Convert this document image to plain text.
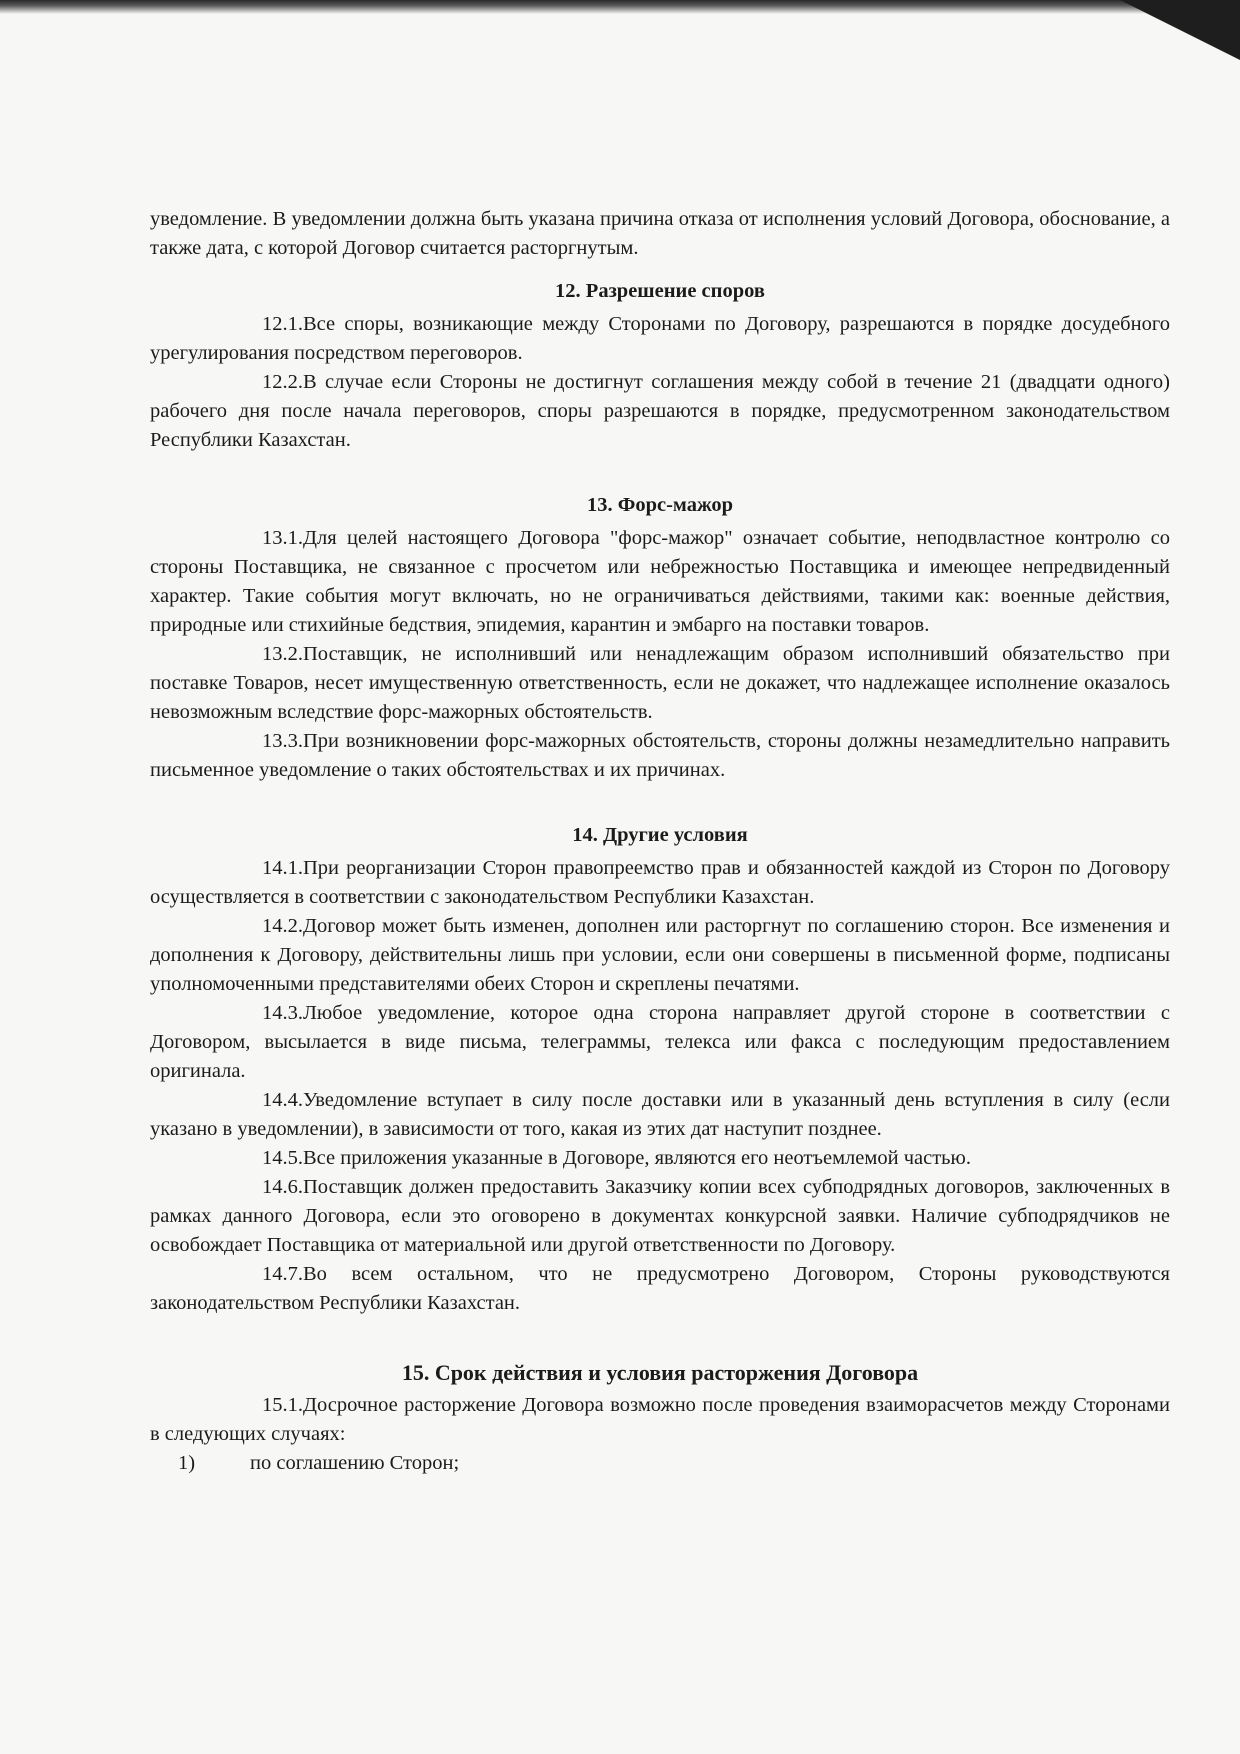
уведомление. В уведомлении должна быть указана причина отказа от исполнения условий Договора, обоснование, а также дата, с которой Договор считается расторгнутым.

12. Разрешение споров

12.1.Все споры, возникающие между Сторонами по Договору, разрешаются в порядке досудебного урегулирования посредством переговоров.

12.2.В случае если Стороны не достигнут соглашения между собой в течение 21 (двадцати одного) рабочего дня после начала переговоров, споры разрешаются в порядке, предусмотренном законодательством Республики Казахстан.

13. Форс-мажор

13.1.Для целей настоящего Договора "форс-мажор" означает событие, неподвластное контролю со стороны Поставщика, не связанное с просчетом или небрежностью Поставщика и имеющее непредвиденный характер. Такие события могут включать, но не ограничиваться действиями, такими как: военные действия, природные или стихийные бедствия, эпидемия, карантин и эмбарго на поставки товаров.

13.2.Поставщик, не исполнивший или ненадлежащим образом исполнивший обязательство при поставке Товаров, несет имущественную ответственность, если не докажет, что надлежащее исполнение оказалось невозможным вследствие форс-мажорных обстоятельств.

13.3.При возникновении форс-мажорных обстоятельств, стороны должны незамедлительно направить письменное уведомление о таких обстоятельствах и их причинах.

14. Другие условия

14.1.При реорганизации Сторон правопреемство прав и обязанностей каждой из Сторон по Договору осуществляется в соответствии с законодательством Республики Казахстан.

14.2.Договор может быть изменен, дополнен или расторгнут по соглашению сторон. Все изменения и дополнения к Договору, действительны лишь при условии, если они совершены в письменной форме, подписаны уполномоченными представителями обеих Сторон и скреплены печатями.

14.3.Любое уведомление, которое одна сторона направляет другой стороне в соответствии с Договором, высылается в виде письма, телеграммы, телекса или факса с последующим предоставлением оригинала.

14.4.Уведомление вступает в силу после доставки или в указанный день вступления в силу (если указано в уведомлении), в зависимости от того, какая из этих дат наступит позднее.

14.5.Все приложения указанные в Договоре, являются его неотъемлемой частью.

14.6.Поставщик должен предоставить Заказчику копии всех субподрядных договоров, заключенных в рамках данного Договора, если это оговорено в документах конкурсной заявки. Наличие субподрядчиков не освобождает Поставщика от материальной или другой ответственности по Договору.

14.7.Во всем остальном, что не предусмотрено Договором, Стороны руководствуются законодательством Республики Казахстан.

15. Срок действия и условия расторжения Договора

15.1.Досрочное расторжение Договора возможно после проведения взаиморасчетов между Сторонами в следующих случаях:

1)	по соглашению Сторон;
